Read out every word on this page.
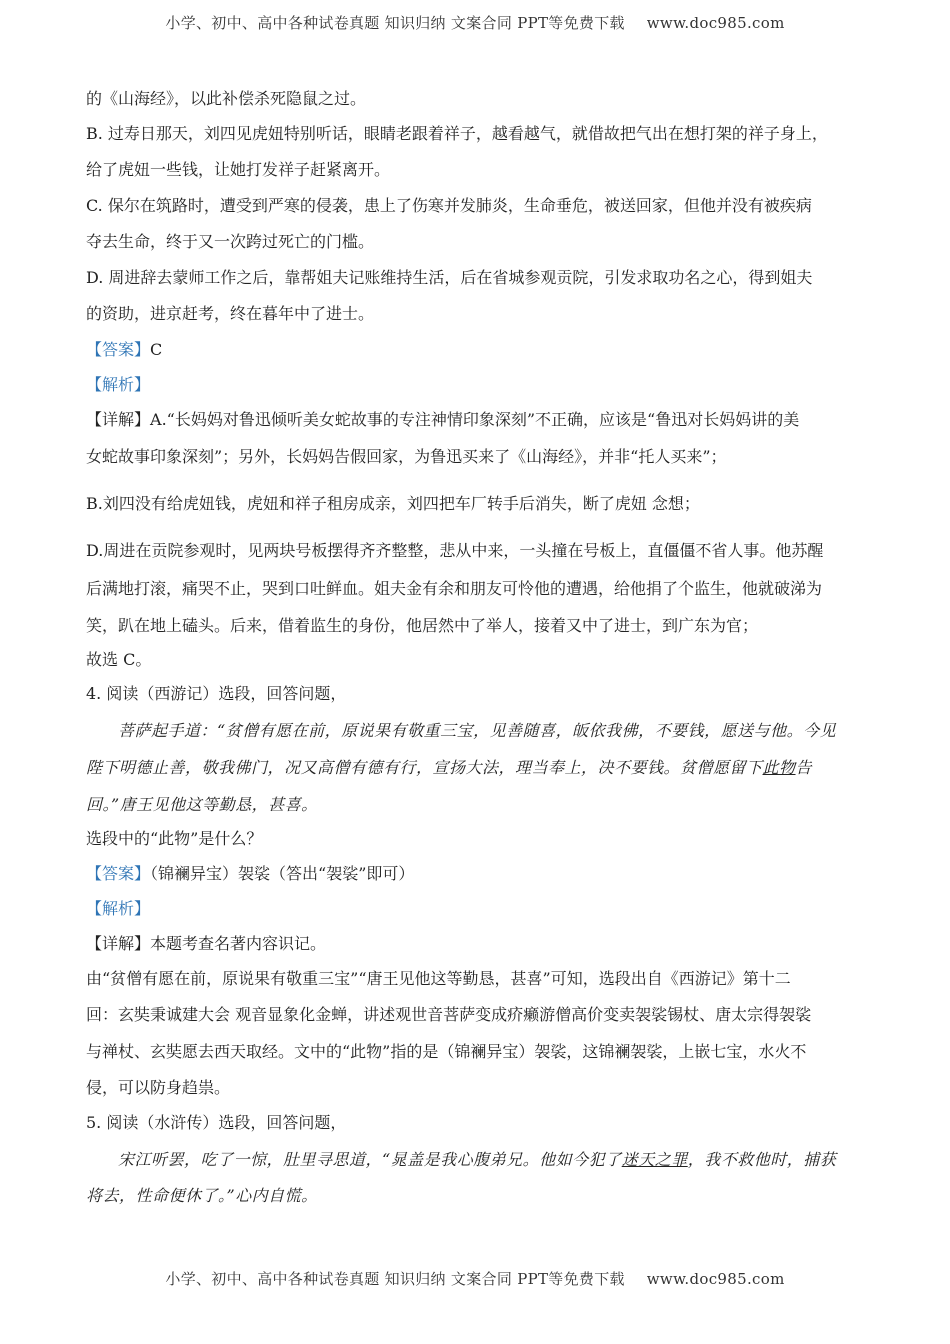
小学、初中、高中各种试卷真题 知识归纳 文案合同 PPT等免费下载 www.doc985.com
的《山海经》，以此补偿杀死隐鼠之过。
B. 过寿日那天，刘四见虎妞特别听话，眼睛老跟着祥子，越看越气，就借故把气出在想打架的祥子身上，
给了虎妞一些钱，让她打发祥子赶紧离开。
C. 保尔在筑路时，遭受到严寒的侵袭，患上了伤寒并发肺炎，生命垂危，被送回家，但他并没有被疾病
夺去生命，终于又一次跨过死亡的门槛。
D. 周进辞去蒙师工作之后，靠帮姐夫记账维持生活，后在省城参观贡院，引发求取功名之心，得到姐夫
的资助，进京赶考，终在暮年中了进士。
【答案】C
【解析】
【详解】A.“长妈妈对鲁迅倾听美女蛇故事的专注神情印象深刻”不正确，应该是“鲁迅对长妈妈讲的美
女蛇故事印象深刻”；另外，长妈妈告假回家，为鲁迅买来了《山海经》，并非“托人买来”；
B.刘四没有给虎妞钱，虎妞和祥子租房成亲，刘四把车厂转手后消失，断了虎妞 念想；
D.周进在贡院参观时，见两块号板摆得齐齐整整，悲从中来，一头撞在号板上，直僵僵不省人事。他苏醒
后满地打滚，痛哭不止，哭到口吐鲜血。姐夫金有余和朋友可怜他的遭遇，给他捐了个监生，他就破涕为
笑，趴在地上磕头。后来，借着监生的身份，他居然中了举人，接着又中了进士，到广东为官；
故选 C。
4. 阅读（西游记）选段，回答问题，
菩萨起手道：“贫僧有愿在前，原说果有敬重三宝，见善随喜，皈依我佛，不要钱，愿送与他。今见
陛下明德止善，敬我佛门，况又高僧有德有行，宣扬大法，理当奉上，决不要钱。贫僧愿留下此物告
回。”唐王见他这等勤恳，甚喜。
选段中的“此物”是什么？
【答案】（锦襕异宝）袈裟（答出“袈裟”即可）
【解析】
【详解】本题考查名著内容识记。
由“贫僧有愿在前，原说果有敬重三宝”“唐王见他这等勤恳，甚喜”可知，选段出自《西游记》第十二
回：玄奘秉诚建大会 观音显象化金蝉，讲述观世音菩萨变成疥癞游僧高价变卖袈裟锡杖、唐太宗得袈裟
与禅杖、玄奘愿去西天取经。文中的“此物”指的是（锦襕异宝）袈裟，这锦襕袈裟，上嵌七宝，水火不
侵，可以防身趋祟。
5. 阅读（水浒传）选段，回答问题，
宋江听罢，吃了一惊，肚里寻思道，“晁盖是我心腹弟兄。他如今犯了迷天之罪，我不救他时，捕获
将去，性命便休了。”心内自慌。
小学、初中、高中各种试卷真题 知识归纳 文案合同 PPT等免费下载 www.doc985.com
